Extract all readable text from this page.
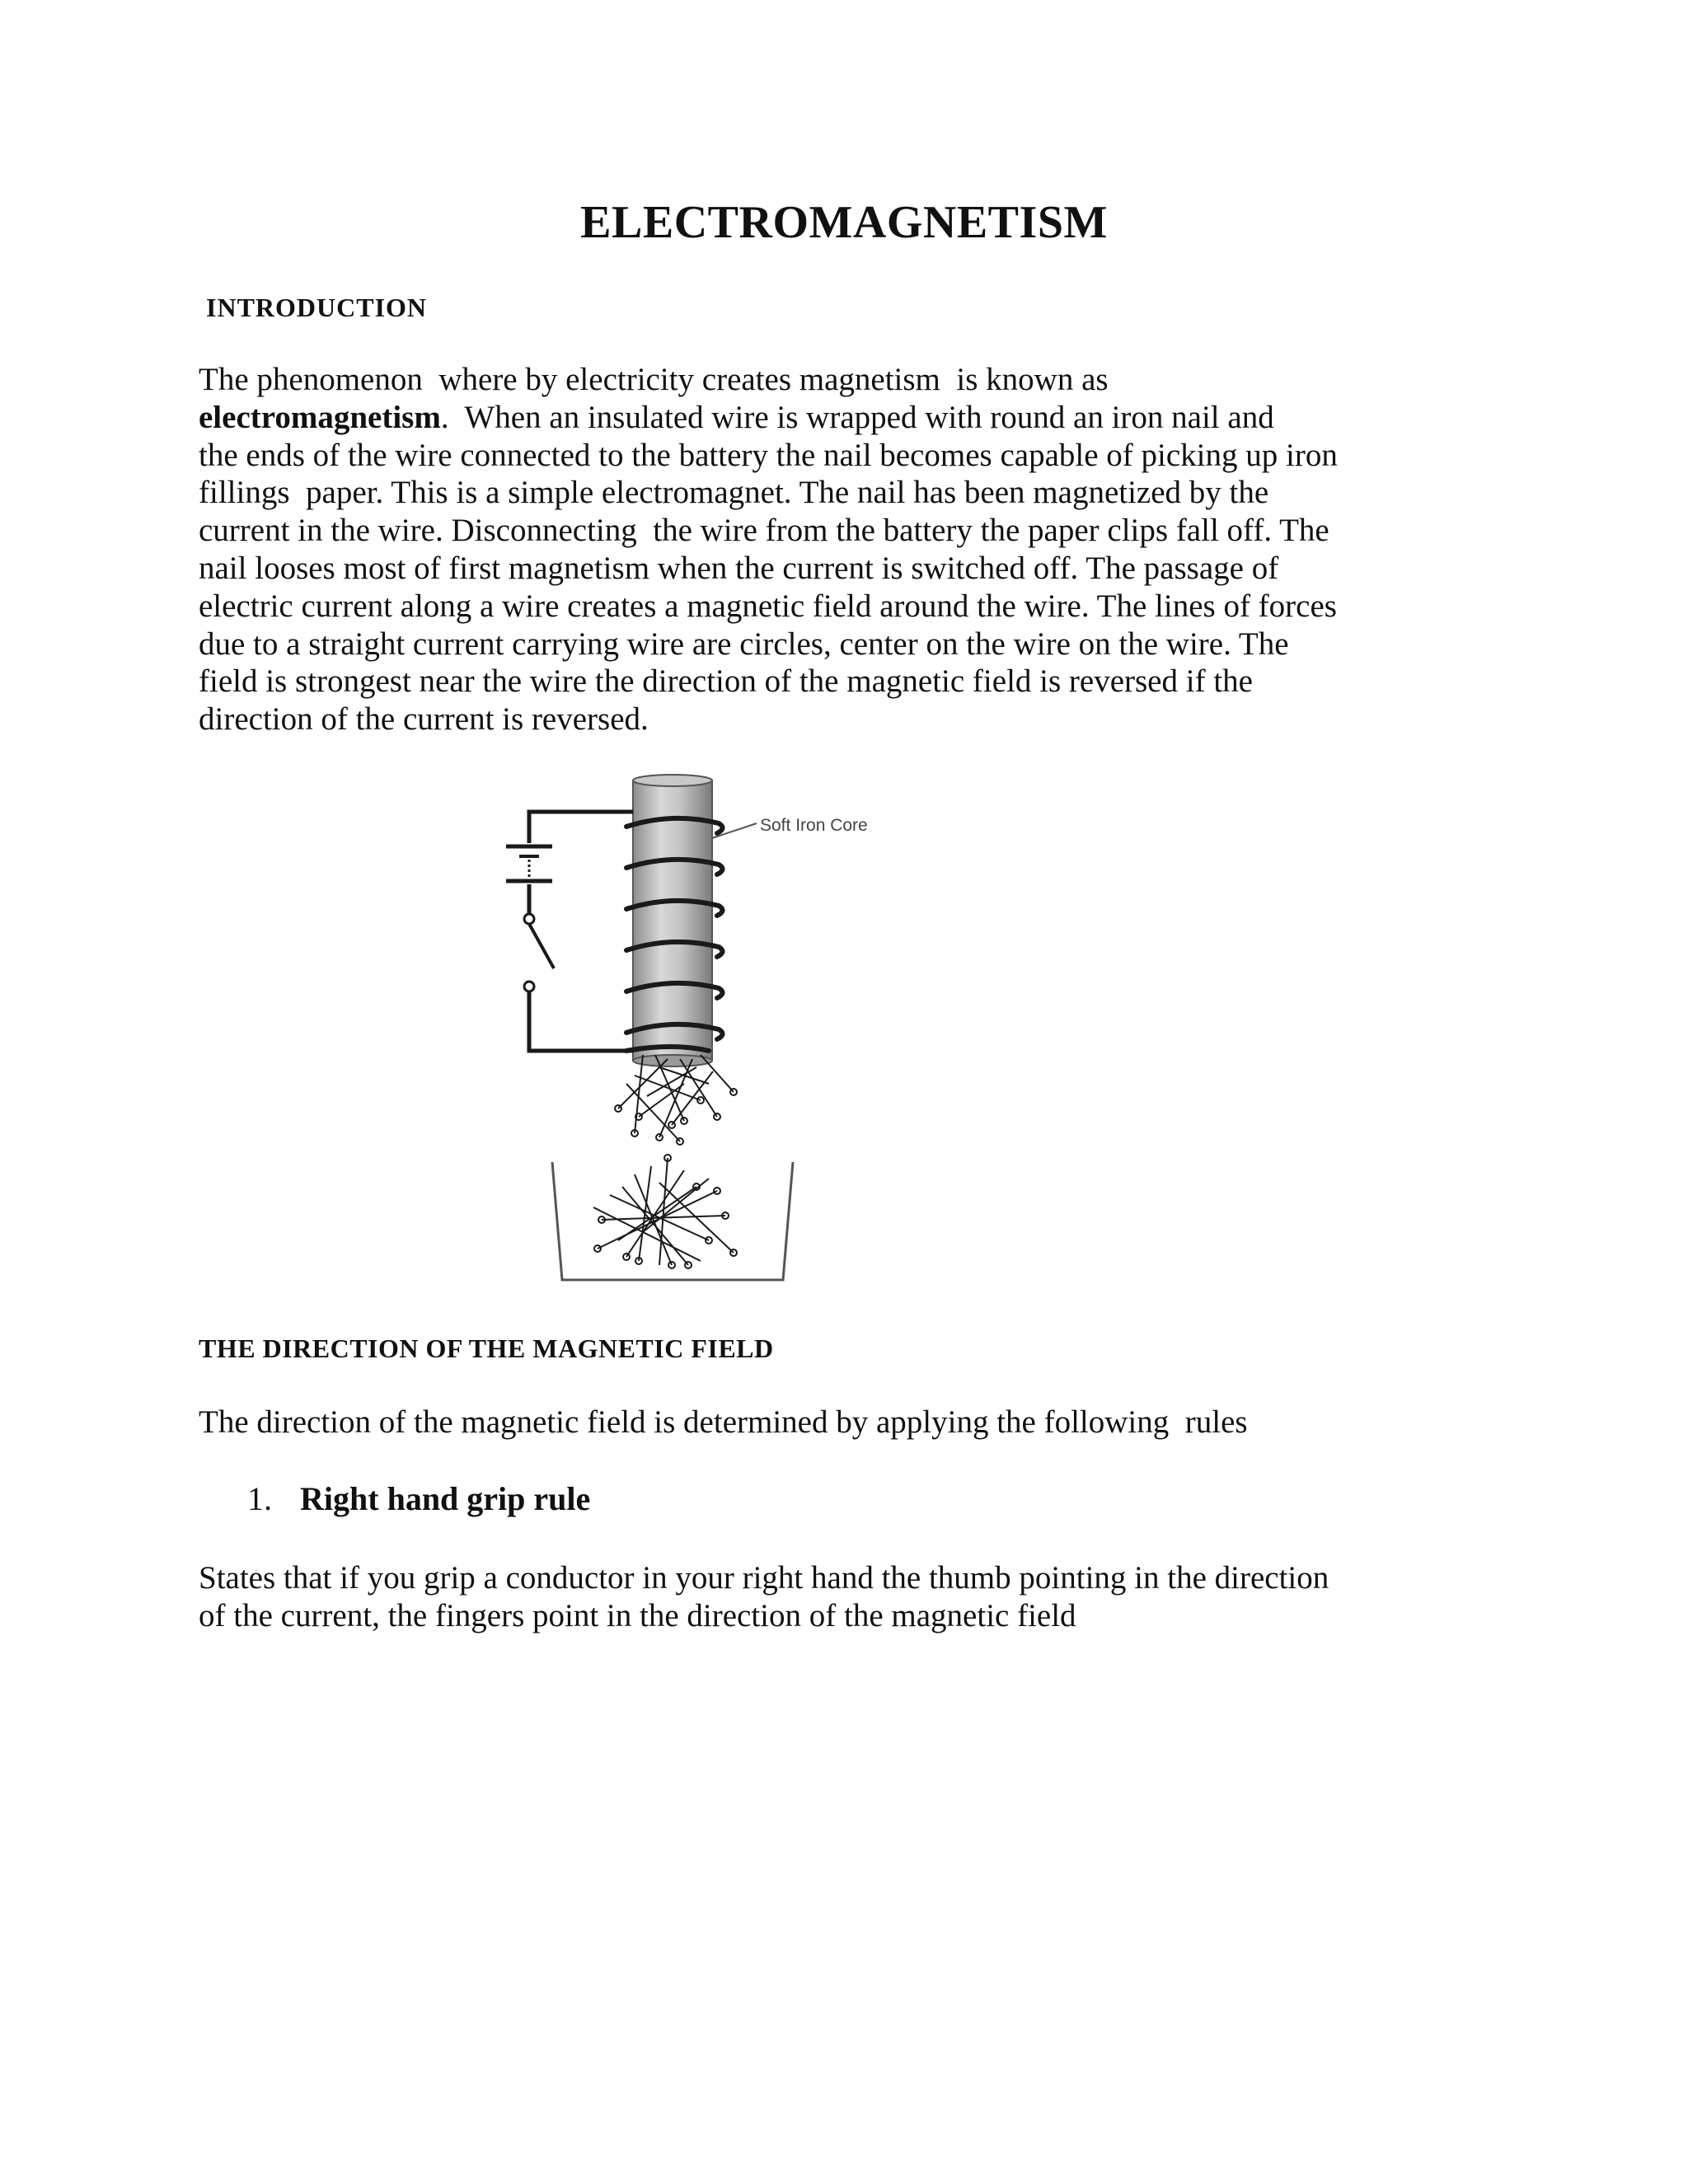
ELECTROMAGNETISM
INTRODUCTION
The phenomenon  where by electricity creates magnetism  is known as
electromagnetism.  When an insulated wire is wrapped with round an iron nail and
the ends of the wire connected to the battery the nail becomes capable of picking up iron
fillings  paper. This is a simple electromagnet. The nail has been magnetized by the
current in the wire. Disconnecting  the wire from the battery the paper clips fall off. The
nail looses most of first magnetism when the current is switched off. The passage of
electric current along a wire creates a magnetic field around the wire. The lines of forces
due to a straight current carrying wire are circles, center on the wire on the wire. The
field is strongest near the wire the direction of the magnetic field is reversed if the
direction of the current is reversed.
Soft Iron Core
THE DIRECTION OF THE MAGNETIC FIELD

The direction of the magnetic field is determined by applying the following  rules

1. Right hand grip rule
States that if you grip a conductor in your right hand the thumb pointing in the direction
of the current, the fingers point in the direction of the magnetic field
